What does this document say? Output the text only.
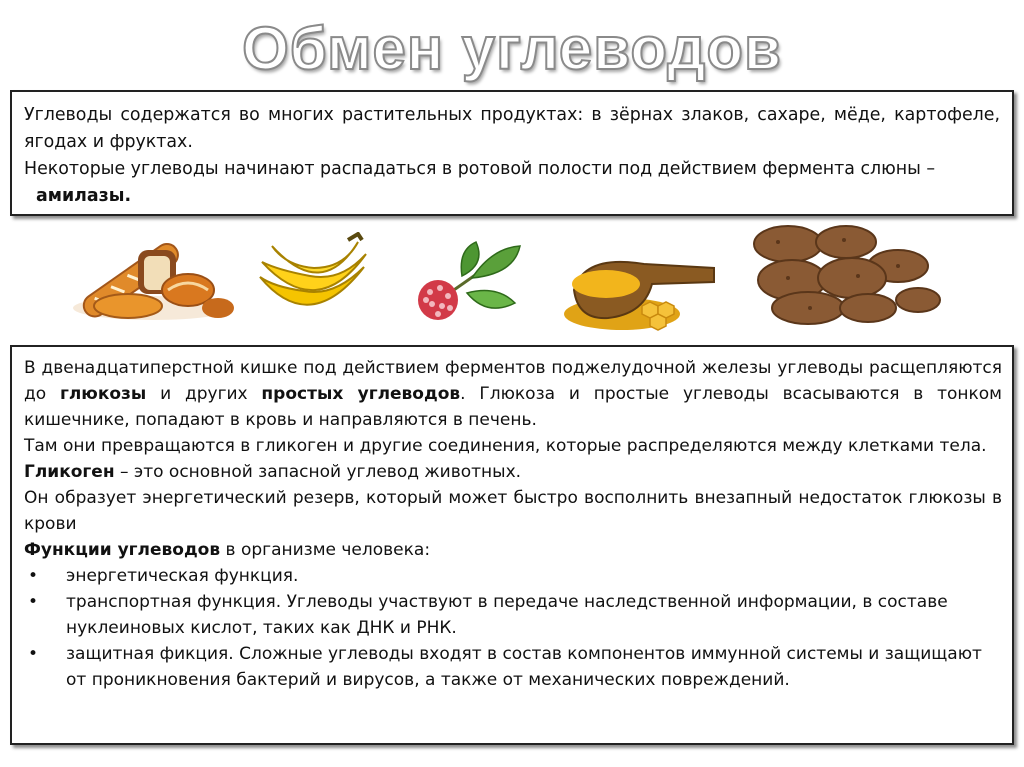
Обмен углеводов

Углеводы содержатся во многих растительных продуктах: в зёрнах злаков, сахаре, мёде, картофеле, ягодах и фруктах.

Некоторые углеводы начинают распадаться в ротовой полости под действием фермента слюны –
амилазы.

В двенадцатиперстной кишке под действием ферментов поджелудочной железы углеводы расщепляются до глюкозы и других простых углеводов. Глюкоза и простые углеводы всасываются в тонком кишечнике, попадают в кровь и направляются в печень.

Там они превращаются в гликоген и другие соединения, которые распределяются между клетками тела.

Гликоген – это основной запасной углевод животных.

Он образует энергетический резерв, который может быстро восполнить внезапный недостаток глюкозы в крови

Функции углеводов в организме человека:

• энергетическая функция.
• транспортная функция. Углеводы участвуют в передаче наследственной информации, в составе нуклеиновых кислот, таких как ДНК и РНК.
• защитная фикция. Сложные углеводы входят в состав компонентов иммунной системы и защищают от проникновения бактерий и вирусов, а также от механических повреждений.
